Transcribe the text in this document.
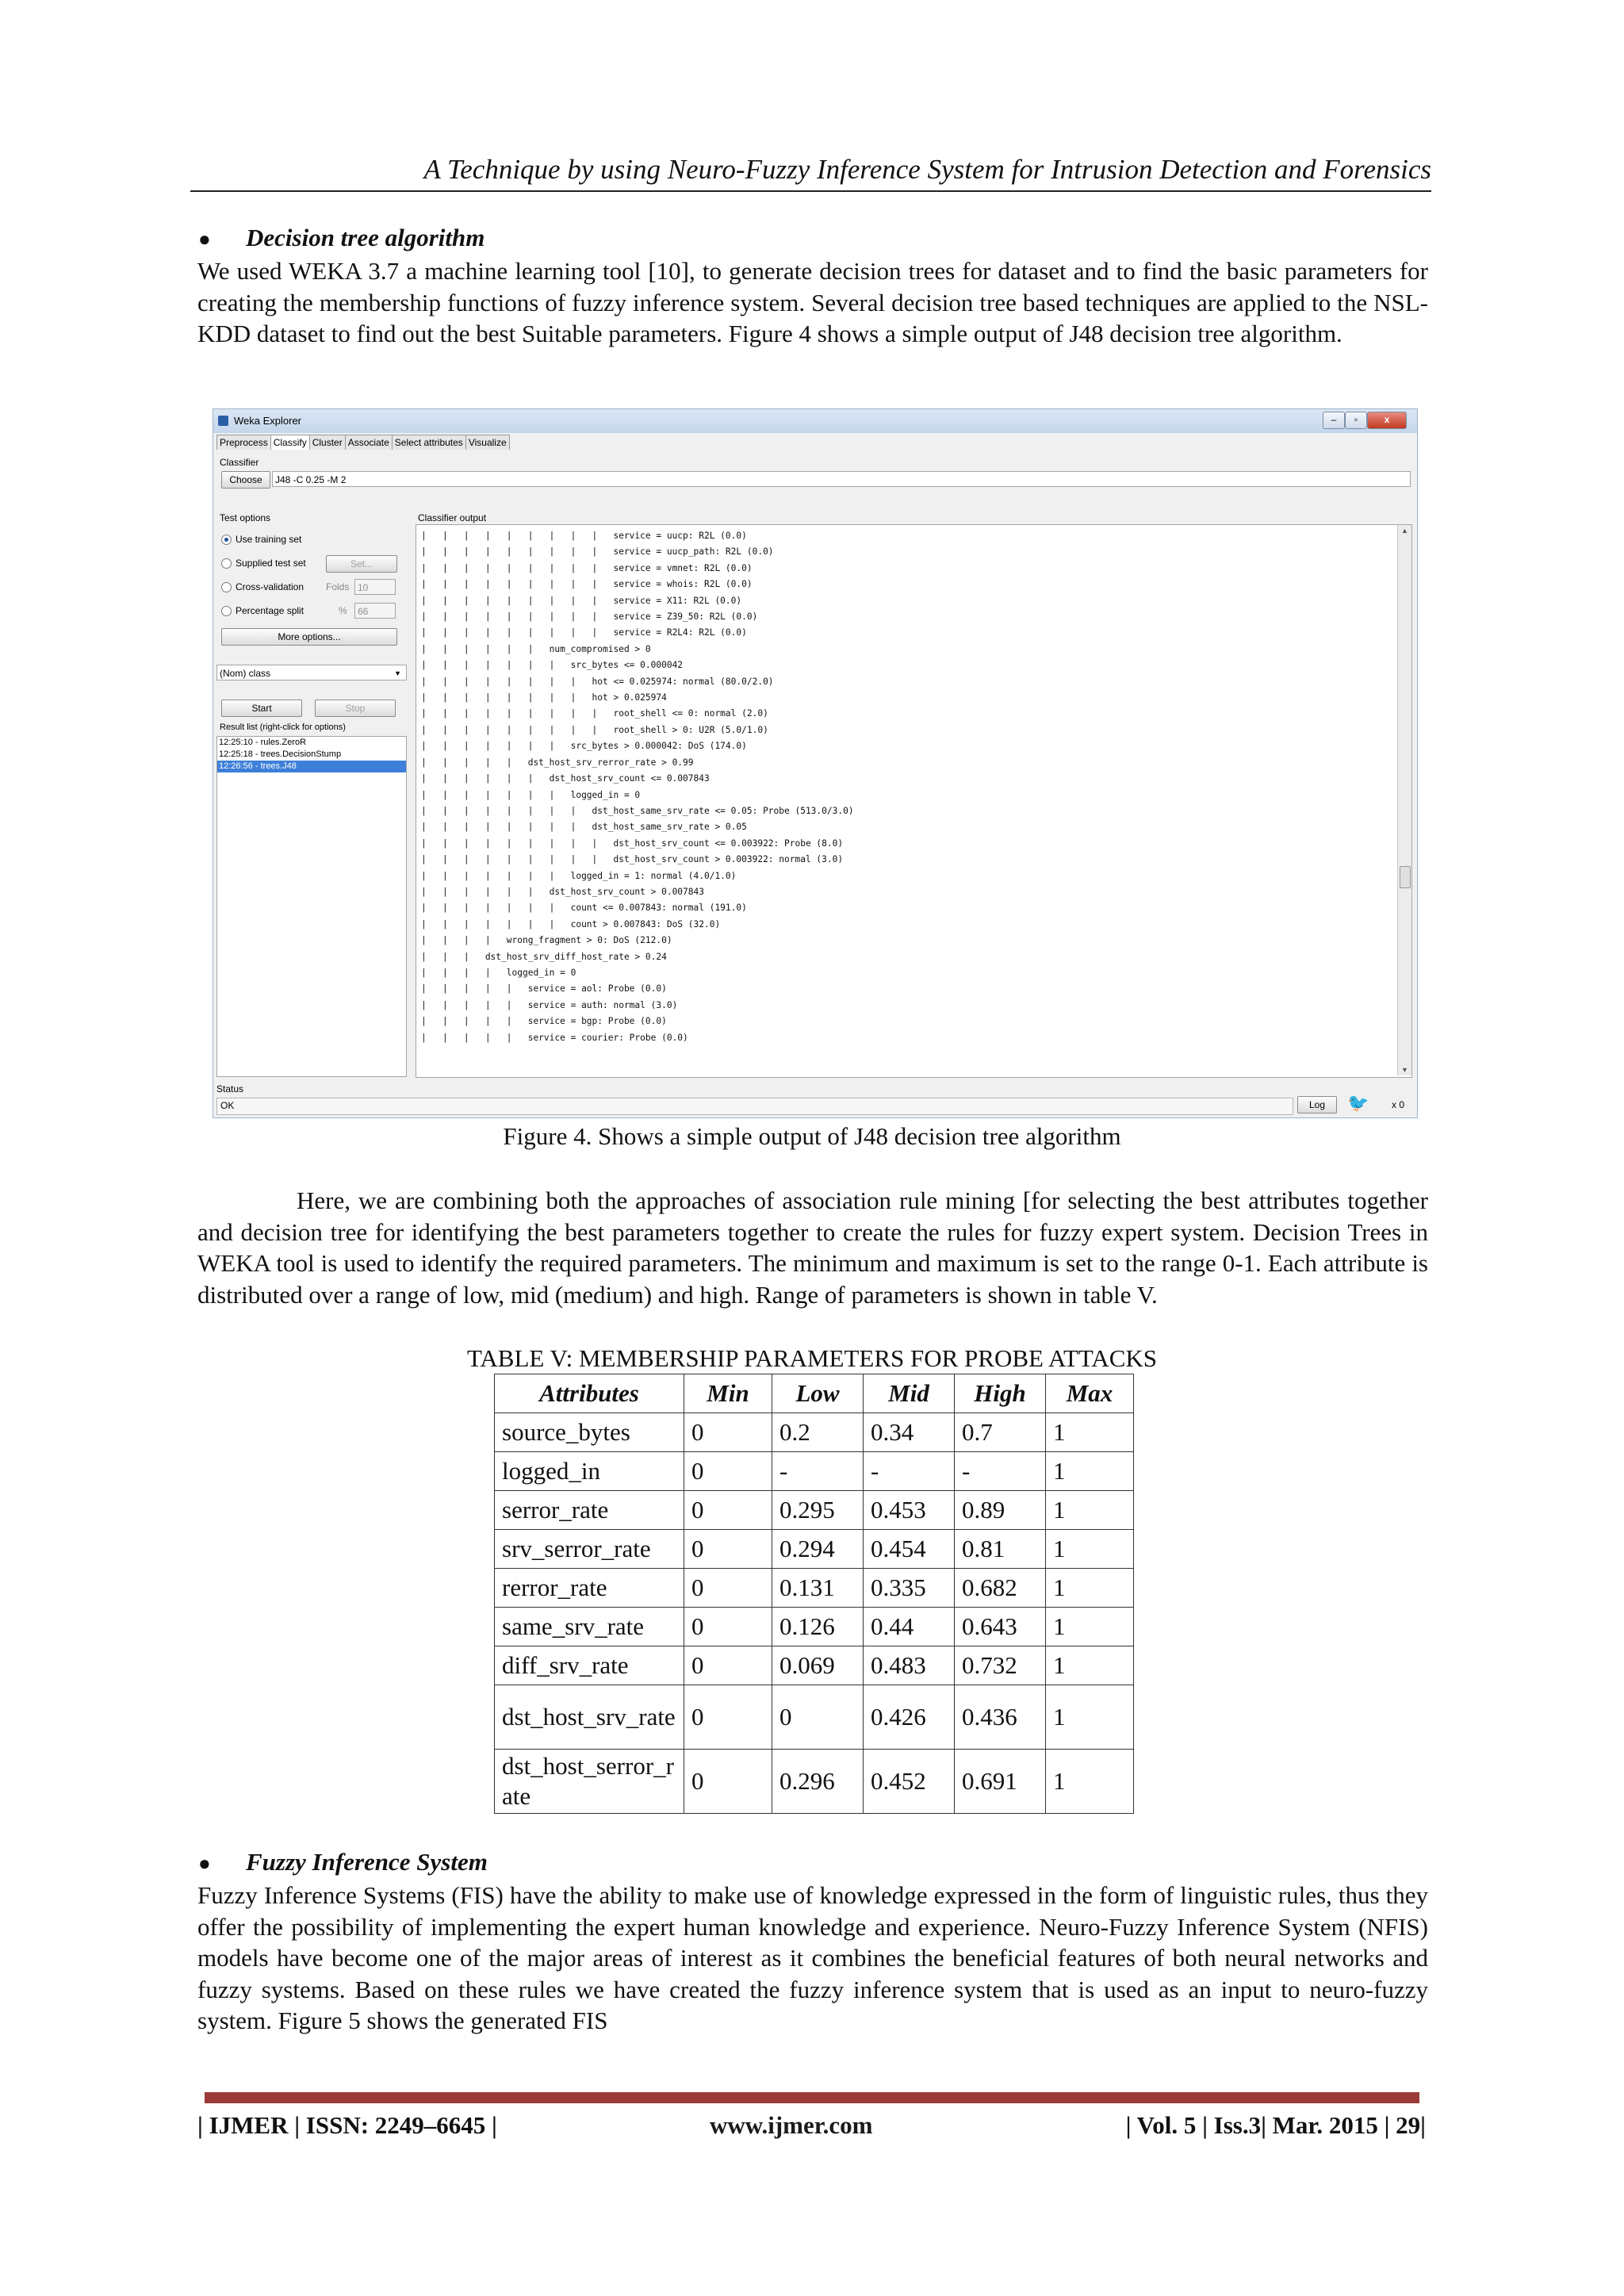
A Technique by using Neuro-Fuzzy Inference System for Intrusion Detection and Forensics
● Decision tree algorithm
We used WEKA 3.7 a machine learning tool [10], to generate decision trees for dataset and to find the basic parameters for creating the membership functions of fuzzy inference system. Several decision tree based techniques are applied to the NSL-KDD dataset to find out the best Suitable parameters. Figure 4 shows a simple output of J48 decision tree algorithm.
Weka Explorer	–	▫	x
Preprocess Classify Cluster Associate Select attributes Visualize
Classifier
Choose	J48 -C 0.25 -M 2
Test options
Use training set
Supplied test set	Set...
Cross-validation Folds 10
Percentage split	%	66
More options...
(Nom) class	▼
Start	Stop
Result list (right-click for options)
12:25:10 - rules.ZeroR
12:25:18 - trees.DecisionStump
12:26:56 - trees.J48
Classifier output
|   |   |   |   |   |   |   |   |   service = uucp: R2L (0.0)
|   |   |   |   |   |   |   |   |   service = uucp_path: R2L (0.0)
|   |   |   |   |   |   |   |   |   service = vmnet: R2L (0.0)
|   |   |   |   |   |   |   |   |   service = whois: R2L (0.0)
|   |   |   |   |   |   |   |   |   service = X11: R2L (0.0)
|   |   |   |   |   |   |   |   |   service = Z39_50: R2L (0.0)
|   |   |   |   |   |   |   |   |   service = R2L4: R2L (0.0)
|   |   |   |   |   |   num_compromised > 0
|   |   |   |   |   |   |   src_bytes <= 0.000042
|   |   |   |   |   |   |   |   hot <= 0.025974: normal (80.0/2.0)
|   |   |   |   |   |   |   |   hot > 0.025974
|   |   |   |   |   |   |   |   |   root_shell <= 0: normal (2.0)
|   |   |   |   |   |   |   |   |   root_shell > 0: U2R (5.0/1.0)
|   |   |   |   |   |   |   src_bytes > 0.000042: DoS (174.0)
|   |   |   |   |   dst_host_srv_rerror_rate > 0.99
|   |   |   |   |   |   dst_host_srv_count <= 0.007843
|   |   |   |   |   |   |   logged_in = 0
|   |   |   |   |   |   |   |   dst_host_same_srv_rate <= 0.05: Probe (513.0/3.0)
|   |   |   |   |   |   |   |   dst_host_same_srv_rate > 0.05
|   |   |   |   |   |   |   |   |   dst_host_srv_count <= 0.003922: Probe (8.0)
|   |   |   |   |   |   |   |   |   dst_host_srv_count > 0.003922: normal (3.0)
|   |   |   |   |   |   |   logged_in = 1: normal (4.0/1.0)
|   |   |   |   |   |   dst_host_srv_count > 0.007843
|   |   |   |   |   |   |   count <= 0.007843: normal (191.0)
|   |   |   |   |   |   |   count > 0.007843: DoS (32.0)
|   |   |   |   wrong_fragment > 0: DoS (212.0)
|   |   |   dst_host_srv_diff_host_rate > 0.24
|   |   |   |   logged_in = 0
|   |   |   |   |   service = aol: Probe (0.0)
|   |   |   |   |   service = auth: normal (3.0)
|   |   |   |   |   service = bgp: Probe (0.0)
|   |   |   |   |   service = courier: Probe (0.0)
▲
▼
Status
OK	Log	🐦 x 0
Figure 4. Shows a simple output of J48 decision tree algorithm
Here, we are combining both the approaches of association rule mining [for selecting the best attributes together and decision tree for identifying the best parameters together to create the rules for fuzzy expert system. Decision Trees in WEKA tool is used to identify the required parameters. The minimum and maximum is set to the range 0-1. Each attribute is distributed over a range of low, mid (medium) and high. Range of parameters is shown in table V.
TABLE V: MEMBERSHIP PARAMETERS FOR PROBE ATTACKS
Attributes	Min	Low	Mid	High	Max
source_bytes	0	0.2	0.34	0.7	1
logged_in	0	-	-	-	1
serror_rate	0	0.295	0.453	0.89	1
srv_serror_rate	0	0.294	0.454	0.81	1
rerror_rate	0	0.131	0.335	0.682	1
same_srv_rate	0	0.126	0.44	0.643	1
diff_srv_rate	0	0.069	0.483	0.732	1
dst_host_srv_rate	0	0	0.426	0.436	1
dst_host_serror_rate	0	0.296	0.452	0.691	1
● Fuzzy Inference System
Fuzzy Inference Systems (FIS) have the ability to make use of knowledge expressed in the form of linguistic rules, thus they offer the possibility of implementing the expert human knowledge and experience. Neuro-Fuzzy Inference System (NFIS) models have become one of the major areas of interest as it combines the beneficial features of both neural networks and fuzzy systems. Based on these rules we have created the fuzzy inference system that is used as an input to neuro-fuzzy system. Figure 5 shows the generated FIS
| IJMER | ISSN: 2249–6645 |	www.ijmer.com	| Vol. 5 | Iss.3| Mar. 2015 | 29|
